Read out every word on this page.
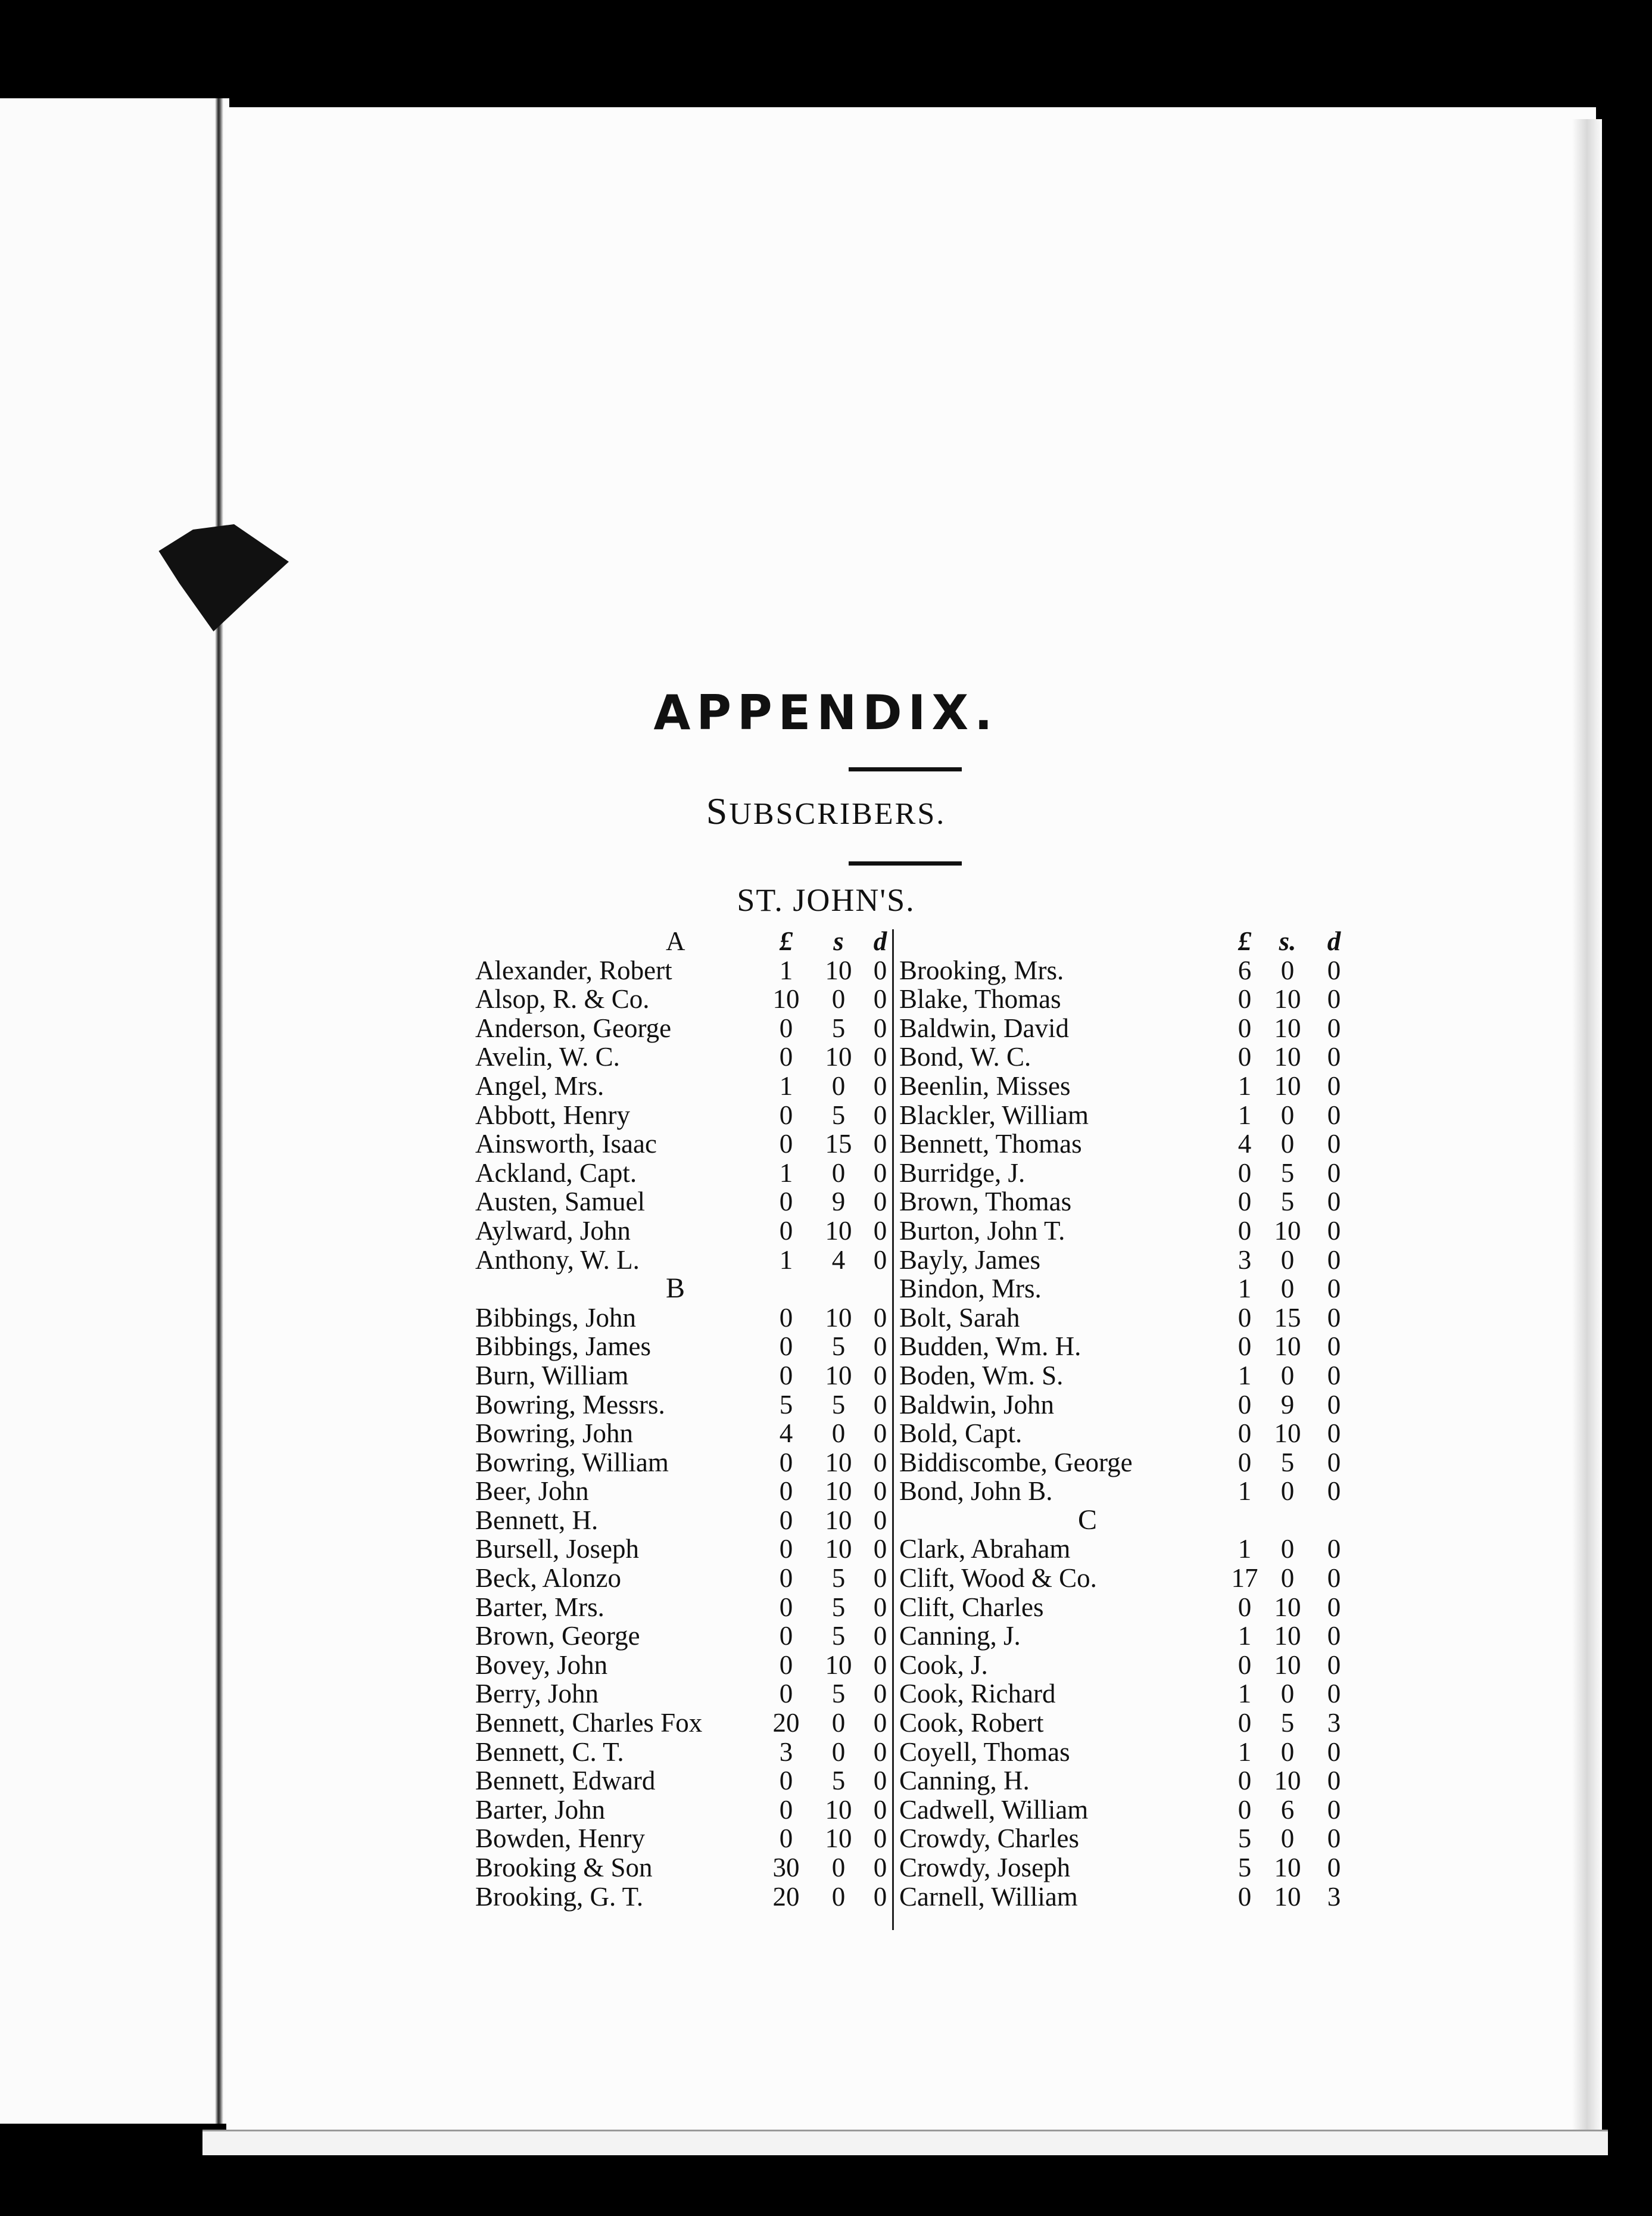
APPENDIX.
SUBSCRIBERS.
ST. JOHN'S.
A	£	s	d
Alexander, Robert	1	10 0
Alsop, R. & Co.	10	0	0
Anderson, George	0	5	0
Avelin, W. C.	0	10 0
Angel, Mrs.	1	0	0
Abbott, Henry	0	5	0
Ainsworth, Isaac	0	15 0
Ackland, Capt.	1	0	0
Austen, Samuel	0	9	0
Aylward, John	0	10 0
Anthony, W. L.	1	4	0
B
Bibbings, John	0	10 0
Bibbings, James	0	5	0
Burn, William	0	10 0
Bowring, Messrs.	5	5	0
Bowring, John	4	0	0
Bowring, William	0	10 0
Beer, John	0	10 0
Bennett, H.	0	10 0
Bursell, Joseph	0	10 0
Beck, Alonzo	0	5	0
Barter, Mrs.	0	5	0
Brown, George	0	5	0
Bovey, John	0	10 0
Berry, John	0	5	0
Bennett, Charles Fox	20	0	0
Bennett, C. T.	3	0	0
Bennett, Edward	0	5	0
Barter, John	0	10 0
Bowden, Henry	0	10 0
Brooking & Son	30	0	0
Brooking, G. T.	20	0	0
£	s.	d
Brooking, Mrs.	6	0	0
Blake, Thomas	0 10 0
Baldwin, David	0 10 0
Bond, W. C.	0 10 0
Beenlin, Misses	1 10 0
Blackler, William	1	0	0
Bennett, Thomas	4	0	0
Burridge, J.	0	5	0
Brown, Thomas	0	5	0
Burton, John T.	0 10 0
Bayly, James	3	0	0
Bindon, Mrs.	1	0	0
Bolt, Sarah	0 15 0
Budden, Wm. H.	0 10 0
Boden, Wm. S.	1	0	0
Baldwin, John	0	9	0
Bold, Capt.	0 10 0
Biddiscombe, George	0	5	0
Bond, John B.	1	0	0
C
Clark, Abraham	1	0	0
Clift, Wood & Co.	17 0	0
Clift, Charles	0 10 0
Canning, J.	1 10 0
Cook, J.	0 10 0
Cook, Richard	1	0	0
Cook, Robert	0	5	3
Coyell, Thomas	1	0	0
Canning, H.	0 10 0
Cadwell, William	0	6	0
Crowdy, Charles	5	0	0
Crowdy, Joseph	5 10 0
Carnell, William	0 10 3
